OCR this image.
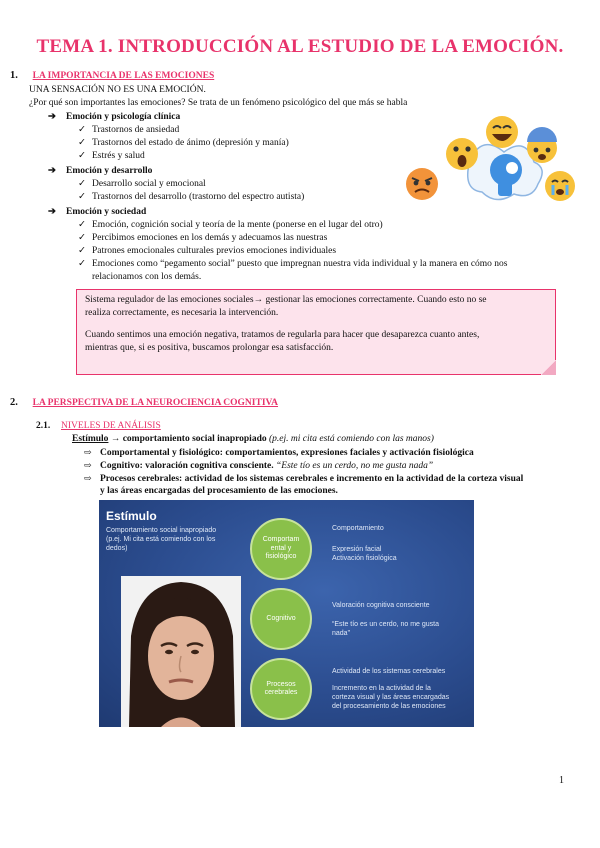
TEMA 1. INTRODUCCIÓN AL ESTUDIO DE LA EMOCIÓN.
1. LA IMPORTANCIA DE LAS EMOCIONES
UNA SENSACIÓN NO ES UNA EMOCIÓN.
¿Por qué son importantes las emociones? Se trata de un fenómeno psicológico del que más se habla
➔ Emoción y psicología clínica
✓ Trastornos de ansiedad
✓ Trastornos del estado de ánimo (depresión y manía)
✓ Estrés y salud
➔ Emoción y desarrollo
✓ Desarrollo social y emocional
✓ Trastornos del desarrollo (trastorno del espectro autista)
➔ Emoción y sociedad
✓ Emoción, cognición social y teoría de la mente (ponerse en el lugar del otro)
✓ Percibimos emociones en los demás y adecuamos las nuestras
✓ Patrones emocionales culturales previos emociones individuales
✓ Emociones como “pegamento social” puesto que impregnan nuestra vida individual y la manera en cómo nos
relacionamos con los demás.
Sistema regulador de las emociones sociales→ gestionar las emociones correctamente. Cuando esto no se
realiza correctamente, es necesaria la intervención.
Cuando sentimos una emoción negativa, tratamos de regularla para hacer que desaparezca cuanto antes,
mientras que, si es positiva, buscamos prolongar esa satisfacción.
2. LA PERSPECTIVA DE LA NEUROCIENCIA COGNITIVA
2.1. NIVELES DE ANÁLISIS
Estímulo → comportamiento social inapropiado (p.ej. mi cita está comiendo con las manos)
⇨ Comportamental y fisiológico: comportamientos, expresiones faciales y activación fisiológica
⇨ Cognitivo: valoración cognitiva consciente. “Este tío es un cerdo, no me gusta nada”
⇨ Procesos cerebrales: actividad de los sistemas cerebrales e incremento en la actividad de la corteza visual
y las áreas encargadas del procesamiento de las emociones.
Estímulo
Comportamiento social inapropiado
(p.ej. Mi cita está comiendo con los
dedos)
Comportam
ental y
fisiológico
Cognitivo
Procesos
cerebrales
Comportamiento
Expresión facial
Activación fisiológica
Valoración cognitiva consciente
“Este tío es un cerdo, no me gusta
nada”
Actividad de los sistemas cerebrales
Incremento en la actividad de la
corteza visual y las áreas encargadas
del procesamiento de las emociones
1
